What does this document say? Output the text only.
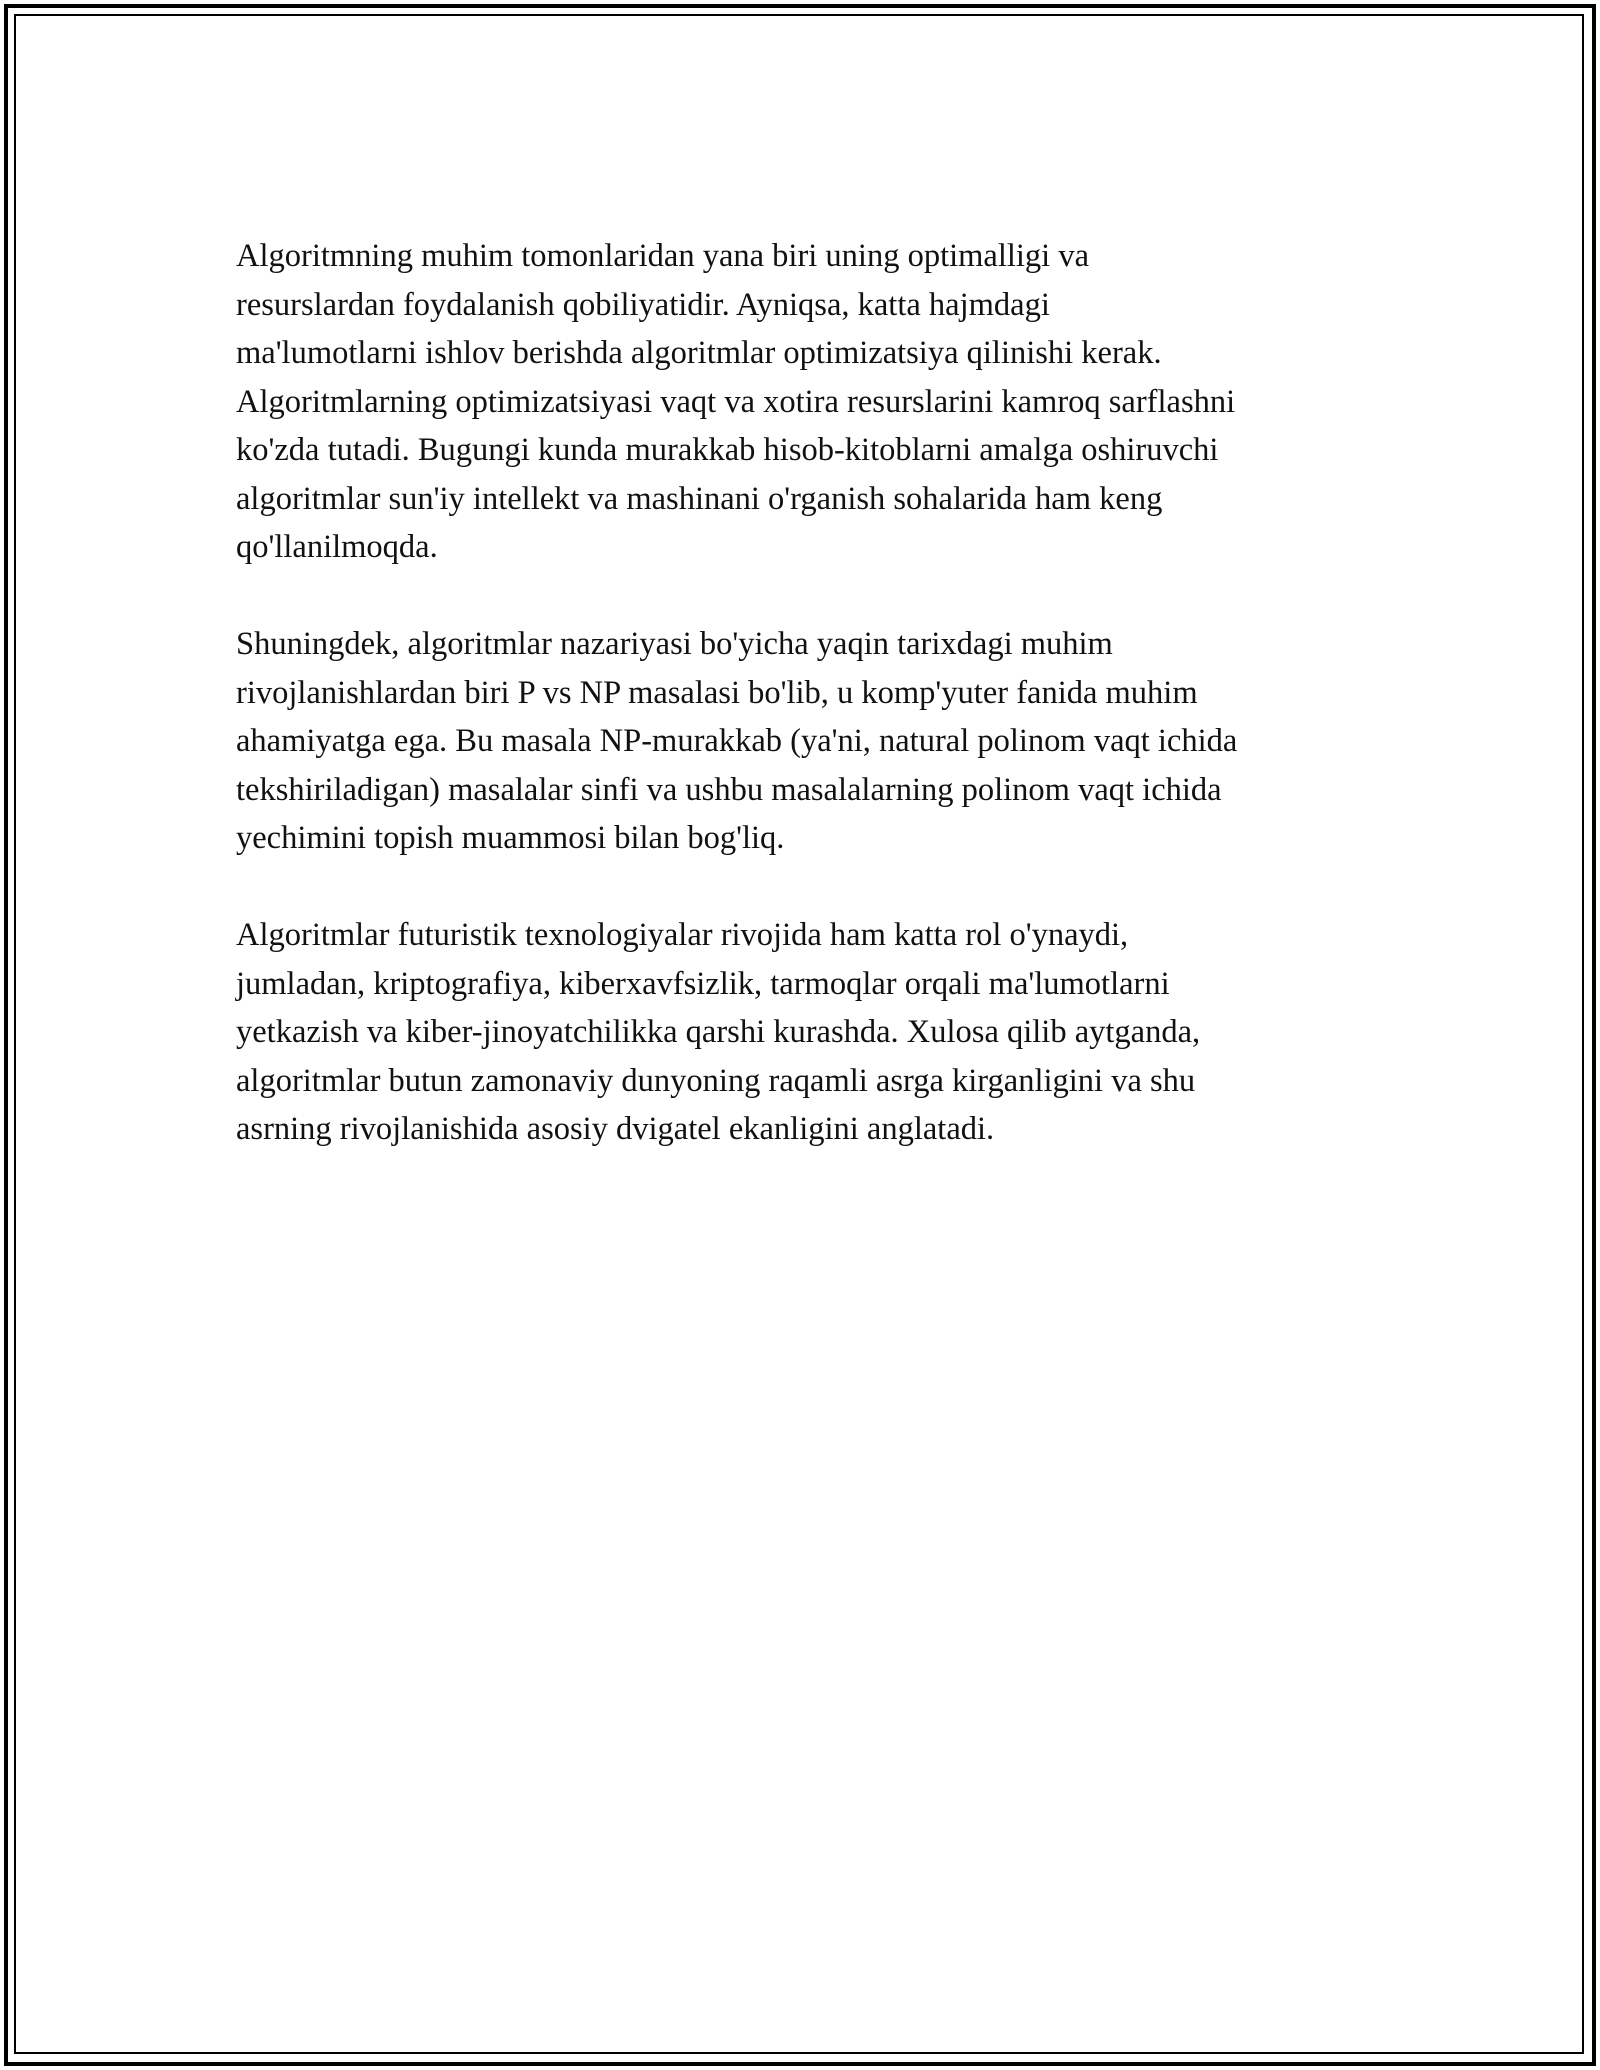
Algoritmning muhim tomonlaridan yana biri uning optimalligi va
resurslardan foydalanish qobiliyatidir. Ayniqsa, katta hajmdagi
ma'lumotlarni ishlov berishda algoritmlar optimizatsiya qilinishi kerak.
Algoritmlarning optimizatsiyasi vaqt va xotira resurslarini kamroq sarflashni
ko'zda tutadi. Bugungi kunda murakkab hisob-kitoblarni amalga oshiruvchi
algoritmlar sun'iy intellekt va mashinani o'rganish sohalarida ham keng
qo'llanilmoqda.

Shuningdek, algoritmlar nazariyasi bo'yicha yaqin tarixdagi muhim
rivojlanishlardan biri P vs NP masalasi bo'lib, u komp'yuter fanida muhim
ahamiyatga ega. Bu masala NP-murakkab (ya'ni, natural polinom vaqt ichida
tekshiriladigan) masalalar sinfi va ushbu masalalarning polinom vaqt ichida
yechimini topish muammosi bilan bog'liq.

Algoritmlar futuristik texnologiyalar rivojida ham katta rol o'ynaydi,
jumladan, kriptografiya, kiberxavfsizlik, tarmoqlar orqali ma'lumotlarni
yetkazish va kiber-jinoyatchilikka qarshi kurashda. Xulosa qilib aytganda,
algoritmlar butun zamonaviy dunyoning raqamli asrga kirganligini va shu
asrning rivojlanishida asosiy dvigatel ekanligini anglatadi.
